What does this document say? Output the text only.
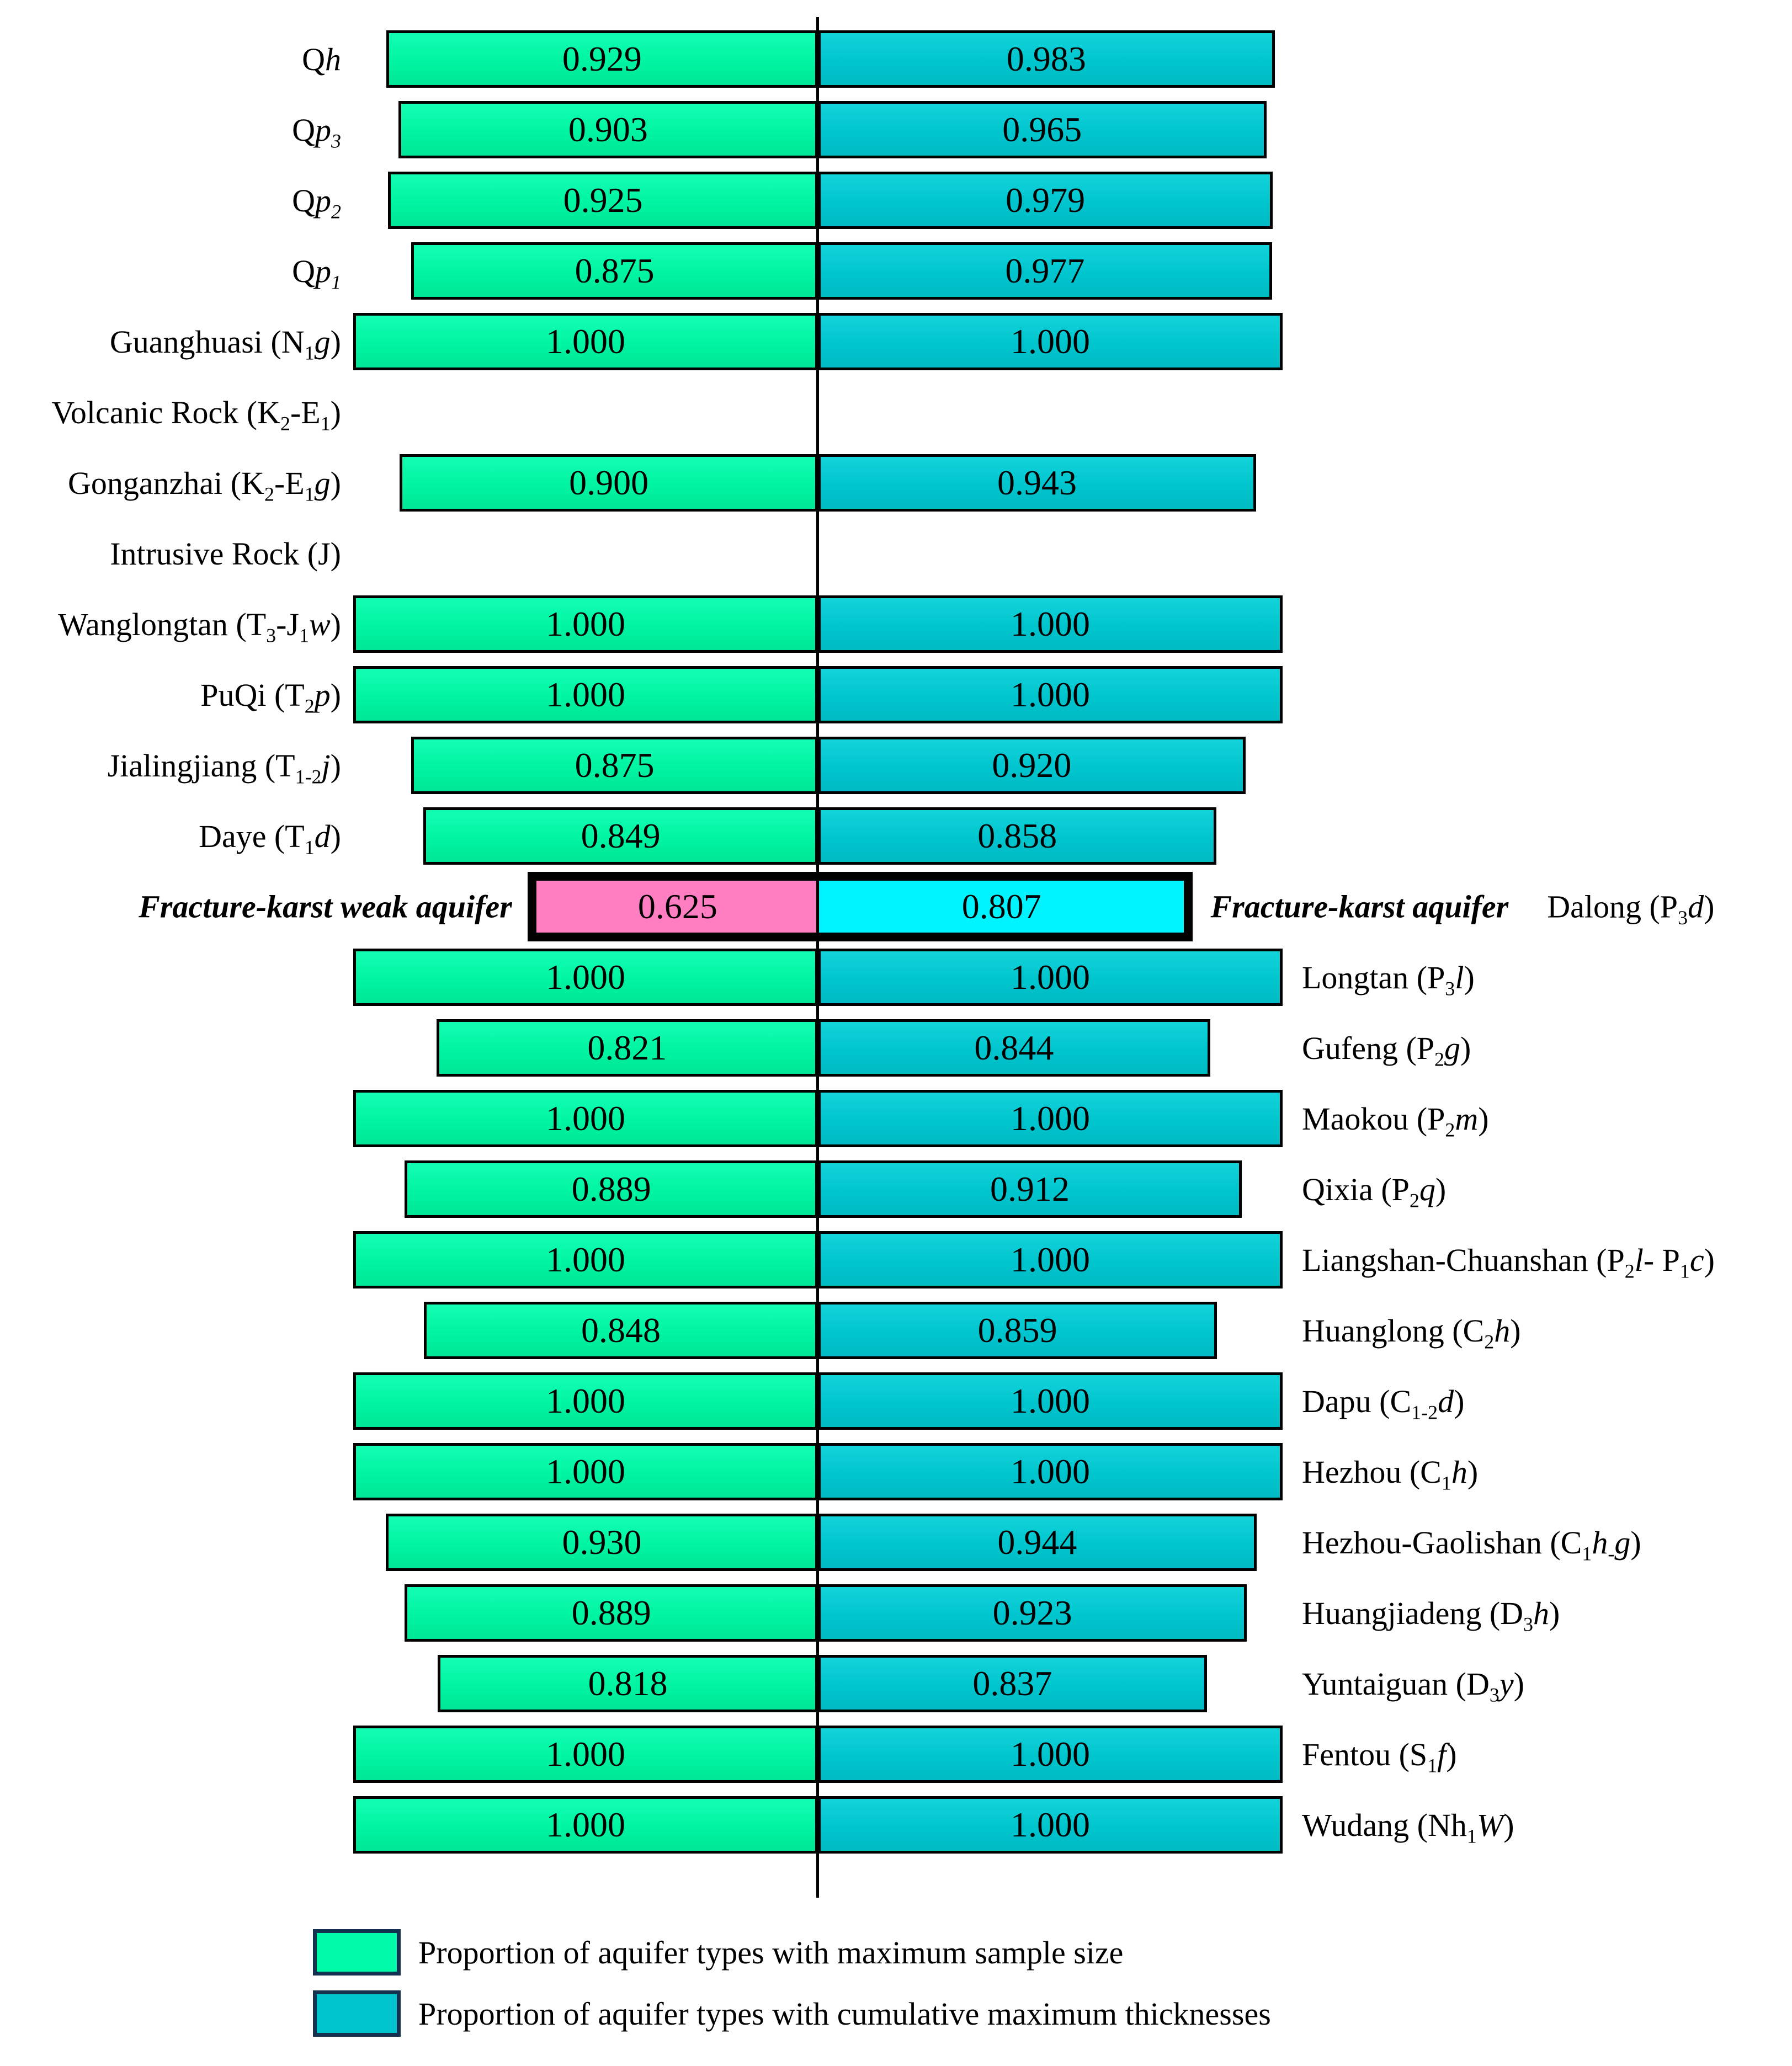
Qh	0.929	0.983
$Qp_3$	0.903	0.965
$Qp_2$	0.925	0.979
$Qp_1$	0.875	0.977
Guanghuasi $(N_1g)$	1.000	1.000
Volcanic Rock $(K_2-E_1)$
Gonganzhai $(K_2-E_1g)$	0.900	0.943
Intrusive Rock (J)
Wanglongtan $(T_3-J_1w)$	1.000	1.000
PuQi $(T_2p)$	1.000	1.000
Jialingjiang $(T_{1-2}j)$	0.875	0.920
Daye $(T_1d)$	0.849	0.858
Fracture-karst weak aquifer	0.625	0.807	Fracture-karst aquifer Dalong $(P_3d)$
1.000	1.000	Longtan $(P_3l)$
0.821	0.844	Gufeng $(P_2g)$
1.000	1.000	Maokou $(P_2m)$
0.889	0.912	Qixia $(P_2q)$
1.000	1.000	Liangshan-Chuanshan ($P_2l-$ $P_1c$)
0.848	0.859	Huanglong $(C_2h)$
1.000	1.000	Dapu $(C_{1-2}d)$
1.000	1.000	Hezhou $(C_1h)$
0.930	0.944	Hezhou-Gaolishan $(C_1h_-g)$
0.889	0.923	Huangjiadeng $(D_3h)$
0.818	0.837	Yuntaiguan $(D_3y)$
1.000	1.000	Fentou $(S_1f)$
1.000	1.000	Wudang $(Nh_1W)$
Proportion of aquifer types with maximum sample size
Proportion of aquifer types with cumulative maximum thicknesses
